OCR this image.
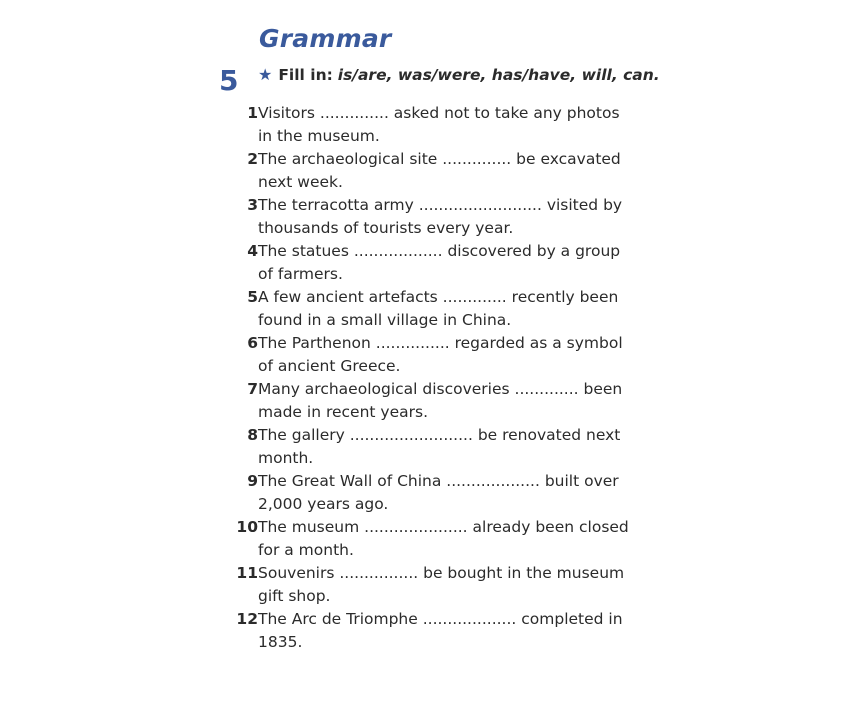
Grammar
5 ★ Fill in: is/are, was/were, has/have, will, can.
1 Visitors .............. asked not to take any photos
in the museum.
2 The archaeological site .............. be excavated
next week.
3 The terracotta army ......................... visited by
thousands of tourists every year.
4 The statues .................. discovered by a group
of farmers.
5 A few ancient artefacts ............. recently been
found in a small village in China.
6 The Parthenon ............... regarded as a symbol
of ancient Greece.
7 Many archaeological discoveries ............. been
made in recent years.
8 The gallery ......................... be renovated next
month.
9 The Great Wall of China ................... built over
2,000 years ago.
10 The museum ..................... already been closed
for a month.
11 Souvenirs ................ be bought in the museum
gift shop.
12 The Arc de Triomphe ................... completed in
1835.
